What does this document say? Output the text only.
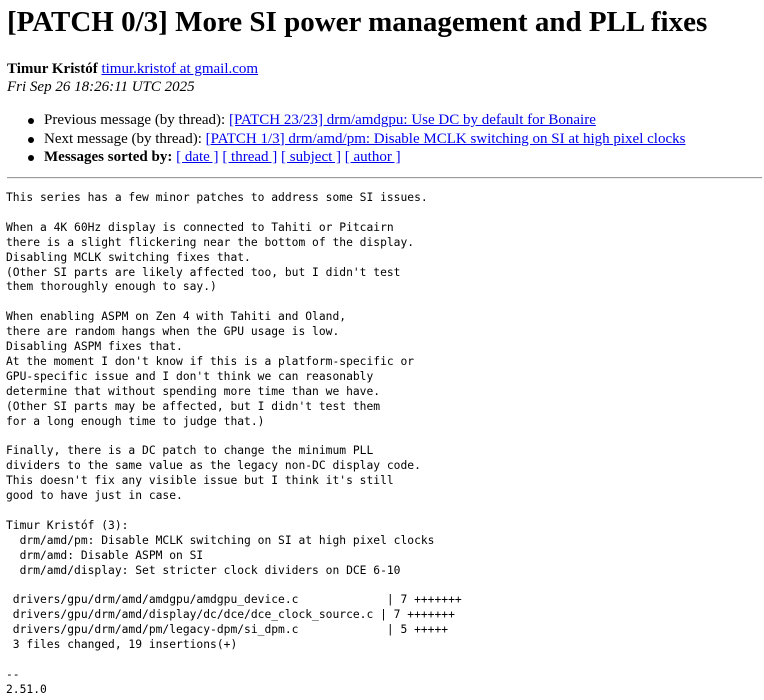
[PATCH 0/3] More SI power management and PLL fixes
Timur Kristóf timur.kristof at gmail.com
Fri Sep 26 18:26:11 UTC 2025
Previous message (by thread): [PATCH 23/23] drm/amdgpu: Use DC by default for Bonaire
Next message (by thread): [PATCH 1/3] drm/amd/pm: Disable MCLK switching on SI at high pixel clocks
Messages sorted by: [ date ] [ thread ] [ subject ] [ author ]
This series has a few minor patches to address some SI issues.

When a 4K 60Hz display is connected to Tahiti or Pitcairn
there is a slight flickering near the bottom of the display.
Disabling MCLK switching fixes that.
(Other SI parts are likely affected too, but I didn't test
them thoroughly enough to say.)

When enabling ASPM on Zen 4 with Tahiti and Oland,
there are random hangs when the GPU usage is low.
Disabling ASPM fixes that.
At the moment I don't know if this is a platform-specific or
GPU-specific issue and I don't think we can reasonably
determine that without spending more time than we have.
(Other SI parts may be affected, but I didn't test them
for a long enough time to judge that.)

Finally, there is a DC patch to change the minimum PLL
dividers to the same value as the legacy non-DC display code.
This doesn't fix any visible issue but I think it's still
good to have just in case.

Timur Kristóf (3):
drm/amd/pm: Disable MCLK switching on SI at high pixel clocks
drm/amd: Disable ASPM on SI
drm/amd/display: Set stricter clock dividers on DCE 6-10

drivers/gpu/drm/amd/amdgpu/amdgpu_device.c             | 7 +++++++
drivers/gpu/drm/amd/display/dc/dce/dce_clock_source.c | 7 +++++++
drivers/gpu/drm/amd/pm/legacy-dpm/si_dpm.c             | 5 +++++
3 files changed, 19 insertions(+)

--
2.51.0
